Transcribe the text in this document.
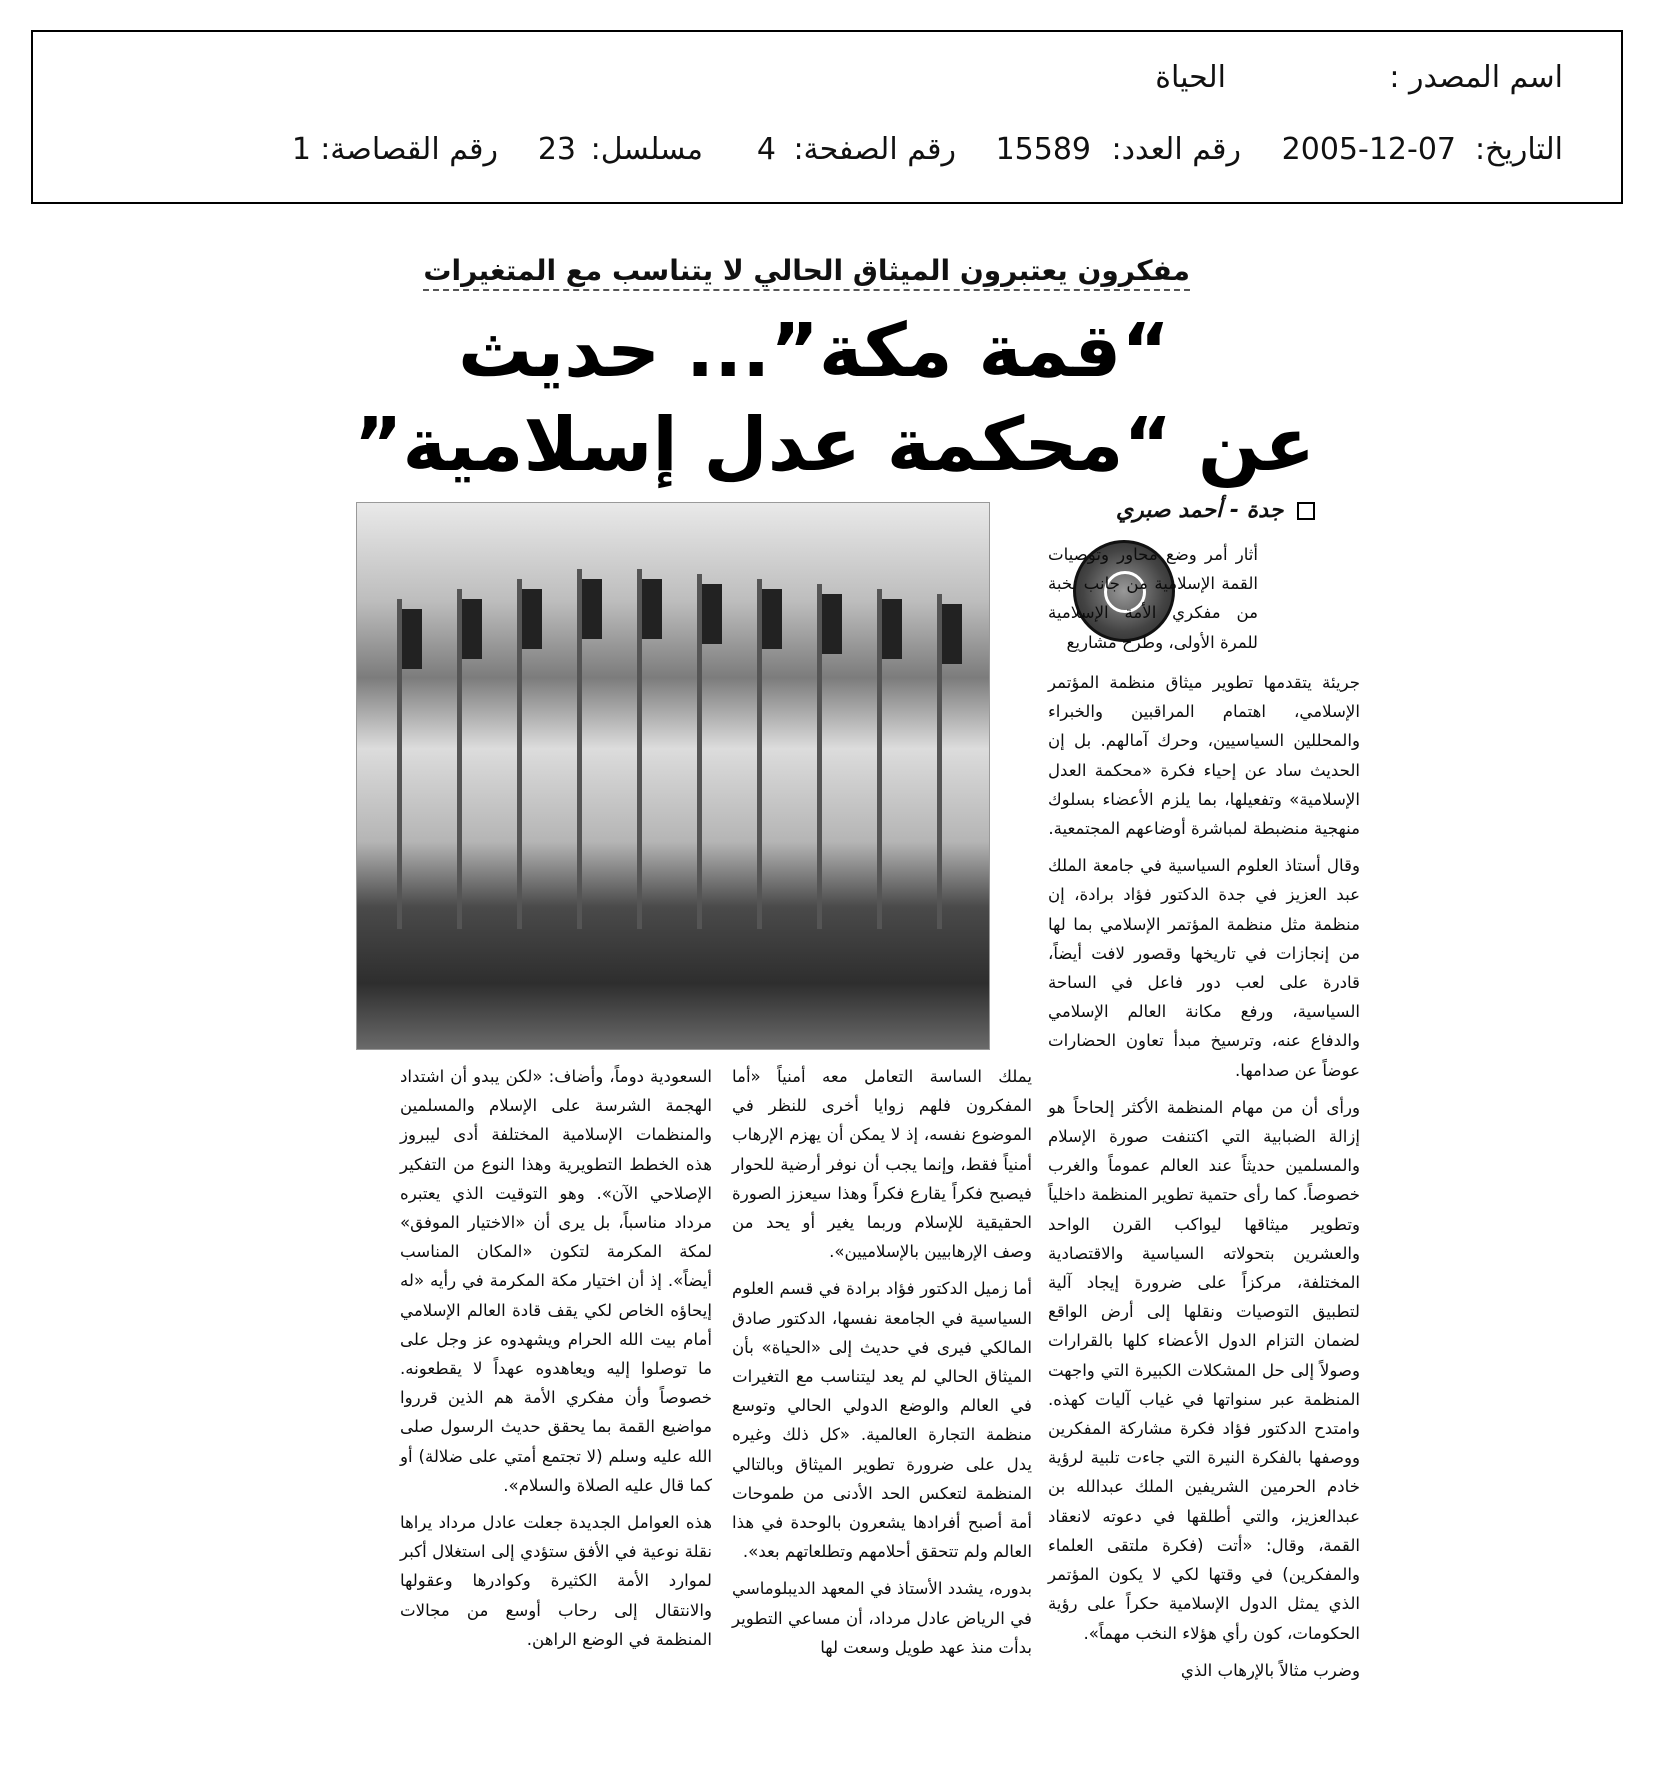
اسم المصدر :
الحياة
التاريخ:
2005-12-07
رقم العدد:
15589
رقم الصفحة:
4
مسلسل:
23
رقم القصاصة:
1
مفكرون يعتبرون الميثاق الحالي لا يتناسب مع المتغيرات
“قمة مكة”... حديث
عن “محكمة عدل إسلامية”
جدة - أحمد صبري

أثار أمر وضع محاور وتوصيات القمة الإسلامية من جانب نخبة من مفكري الأمة الإسلامية للمرة الأولى، وطرح مشاريع

جريئة يتقدمها تطوير ميثاق منظمة المؤتمر الإسلامي، اهتمام المراقبين والخبراء والمحللين السياسيين، وحرك آمالهم. بل إن الحديث ساد عن إحياء فكرة «محكمة العدل الإسلامية» وتفعيلها، بما يلزم الأعضاء بسلوك منهجية منضبطة لمباشرة أوضاعهم المجتمعية.

وقال أستاذ العلوم السياسية في جامعة الملك عبد العزيز في جدة الدكتور فؤاد برادة، إن منظمة مثل منظمة المؤتمر الإسلامي بما لها من إنجازات في تاريخها وقصور لافت أيضاً، قادرة على لعب دور فاعل في الساحة السياسية، ورفع مكانة العالم الإسلامي والدفاع عنه، وترسيخ مبدأ تعاون الحضارات عوضاً عن صدامها.

ورأى أن من مهام المنظمة الأكثر إلحاحاً هو إزالة الضبابية التي اكتنفت صورة الإسلام والمسلمين حديثاً عند العالم عموماً والغرب خصوصاً. كما رأى حتمية تطوير المنظمة داخلياً وتطوير ميثاقها ليواكب القرن الواحد والعشرين بتحولاته السياسية والاقتصادية المختلفة، مركزاً على ضرورة إيجاد آلية لتطبيق التوصيات ونقلها إلى أرض الواقع لضمان التزام الدول الأعضاء كلها بالقرارات وصولاً إلى حل المشكلات الكبيرة التي واجهت المنظمة عبر سنواتها في غياب آليات كهذه. وامتدح الدكتور فؤاد فكرة مشاركة المفكرين ووصفها بالفكرة النيرة التي جاءت تلبية لرؤية خادم الحرمين الشريفين الملك عبدالله بن عبدالعزيز، والتي أطلقها في دعوته لانعقاد القمة، وقال: «أتت (فكرة ملتقى العلماء والمفكرين) في وقتها لكي لا يكون المؤتمر الذي يمثل الدول الإسلامية حكراً على رؤية الحكومات، كون رأي هؤلاء النخب مهماً».

وضرب مثالاً بالإرهاب الذي

يملك الساسة التعامل معه أمنياً «أما المفكرون فلهم زوايا أخرى للنظر في الموضوع نفسه، إذ لا يمكن أن يهزم الإرهاب أمنياً فقط، وإنما يجب أن نوفر أرضية للحوار فيصبح فكراً يقارع فكراً وهذا سيعزز الصورة الحقيقية للإسلام وربما يغير أو يحد من وصف الإرهابيين بالإسلاميين».

أما زميل الدكتور فؤاد برادة في قسم العلوم السياسية في الجامعة نفسها، الدكتور صادق المالكي فيرى في حديث إلى «الحياة» بأن الميثاق الحالي لم يعد ليتناسب مع التغيرات في العالم والوضع الدولي الحالي وتوسع منظمة التجارة العالمية. «كل ذلك وغيره يدل على ضرورة تطوير الميثاق وبالتالي المنظمة لتعكس الحد الأدنى من طموحات أمة أصبح أفرادها يشعرون بالوحدة في هذا العالم ولم تتحقق أحلامهم وتطلعاتهم بعد».

بدوره، يشدد الأستاذ في المعهد الديبلوماسي في الرياض عادل مرداد، أن مساعي التطوير بدأت منذ عهد طويل وسعت لها

السعودية دوماً، وأضاف: «لكن يبدو أن اشتداد الهجمة الشرسة على الإسلام والمسلمين والمنظمات الإسلامية المختلفة أدى ليبروز هذه الخطط التطويرية وهذا النوع من التفكير الإصلاحي الآن». وهو التوقيت الذي يعتبره مرداد مناسباً، بل يرى أن «الاختيار الموفق» لمكة المكرمة لتكون «المكان المناسب أيضاً». إذ أن اختيار مكة المكرمة في رأيه «له إيحاؤه الخاص لكي يقف قادة العالم الإسلامي أمام بيت الله الحرام ويشهدوه عز وجل على ما توصلوا إليه ويعاهدوه عهداً لا يقطعونه. خصوصاً وأن مفكري الأمة هم الذين قرروا مواضيع القمة بما يحقق حديث الرسول صلى الله عليه وسلم (لا تجتمع أمتي على ضلالة) أو كما قال عليه الصلاة والسلام».

هذه العوامل الجديدة جعلت عادل مرداد يراها نقلة نوعية في الأفق ستؤدي إلى استغلال أكبر لموارد الأمة الكثيرة وكوادرها وعقولها والانتقال إلى رحاب أوسع من مجالات المنظمة في الوضع الراهن.
